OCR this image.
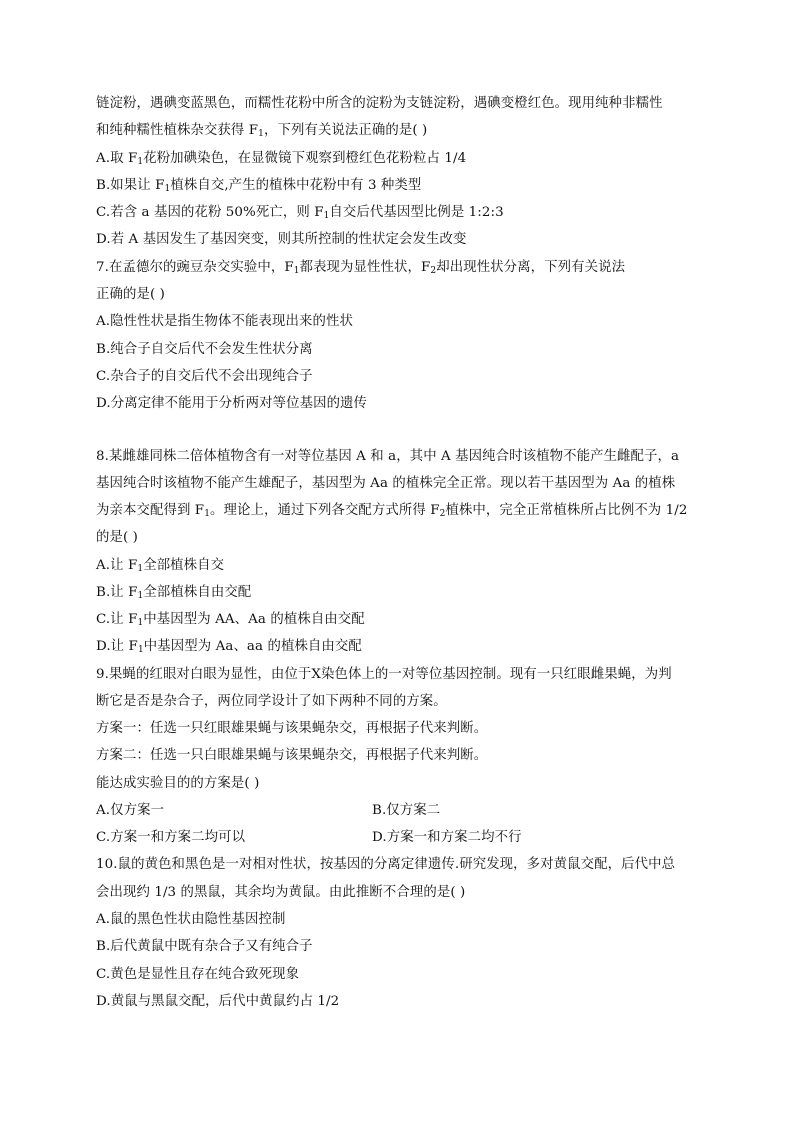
链淀粉，遇碘变蓝黑色，而糯性花粉中所含的淀粉为支链淀粉，遇碘变橙红色。现用纯种非糯性
和纯种糯性植株杂交获得 $F_1$，下列有关说法正确的是( )
A.取 $F_1$花粉加碘染色，在显微镜下观察到橙红色花粉粒占 1/4
B.如果让 $F_1$植株自交,产生的植株中花粉中有 3 种类型
C.若含 a 基因的花粉 50%死亡，则 $F_1$自交后代基因型比例是 1:2:3
D.若 A 基因发生了基因突变，则其所控制的性状定会发生改变
7.在孟德尔的豌豆杂交实验中，$F_1$都表现为显性性状，$F_2$却出现性状分离，下列有关说法
正确的是( )
A.隐性性状是指生物体不能表现出来的性状
B.纯合子自交后代不会发生性状分离
C.杂合子的自交后代不会出现纯合子
D.分离定律不能用于分析两对等位基因的遗传
8.某雌雄同株二倍体植物含有一对等位基因 A 和 a，其中 A 基因纯合时该植物不能产生雌配子，a
基因纯合时该植物不能产生雄配子，基因型为 Aa 的植株完全正常。现以若干基因型为 Aa 的植株
为亲本交配得到 $F_1$。理论上，通过下列各交配方式所得 $F_2$植株中，完全正常植株所占比例不为 1/2
的是( )
A.让 $F_1$全部植株自交
B.让 $F_1$全部植株自由交配
C.让 $F_1$中基因型为 AA、Aa 的植株自由交配
D.让 $F_1$中基因型为 Aa、aa 的植株自由交配
9.果蝇的红眼对白眼为显性，由位于X染色体上的一对等位基因控制。现有一只红眼雌果蝇，为判
断它是否是杂合子，两位同学设计了如下两种不同的方案。
方案一：任选一只红眼雄果蝇与该果蝇杂交，再根据子代来判断。
方案二：任选一只白眼雄果蝇与该果蝇杂交，再根据子代来判断。
能达成实验目的的方案是( )
A.仅方案一	B.仅方案二
C.方案一和方案二均可以	D.方案一和方案二均不行
10.鼠的黄色和黑色是一对相对性状，按基因的分离定律遗传.研究发现，多对黄鼠交配，后代中总
会出现约 1/3 的黑鼠，其余均为黄鼠。由此推断不合理的是( )
A.鼠的黑色性状由隐性基因控制
B.后代黄鼠中既有杂合子又有纯合子
C.黄色是显性且存在纯合致死现象
D.黄鼠与黑鼠交配，后代中黄鼠约占 1/2
